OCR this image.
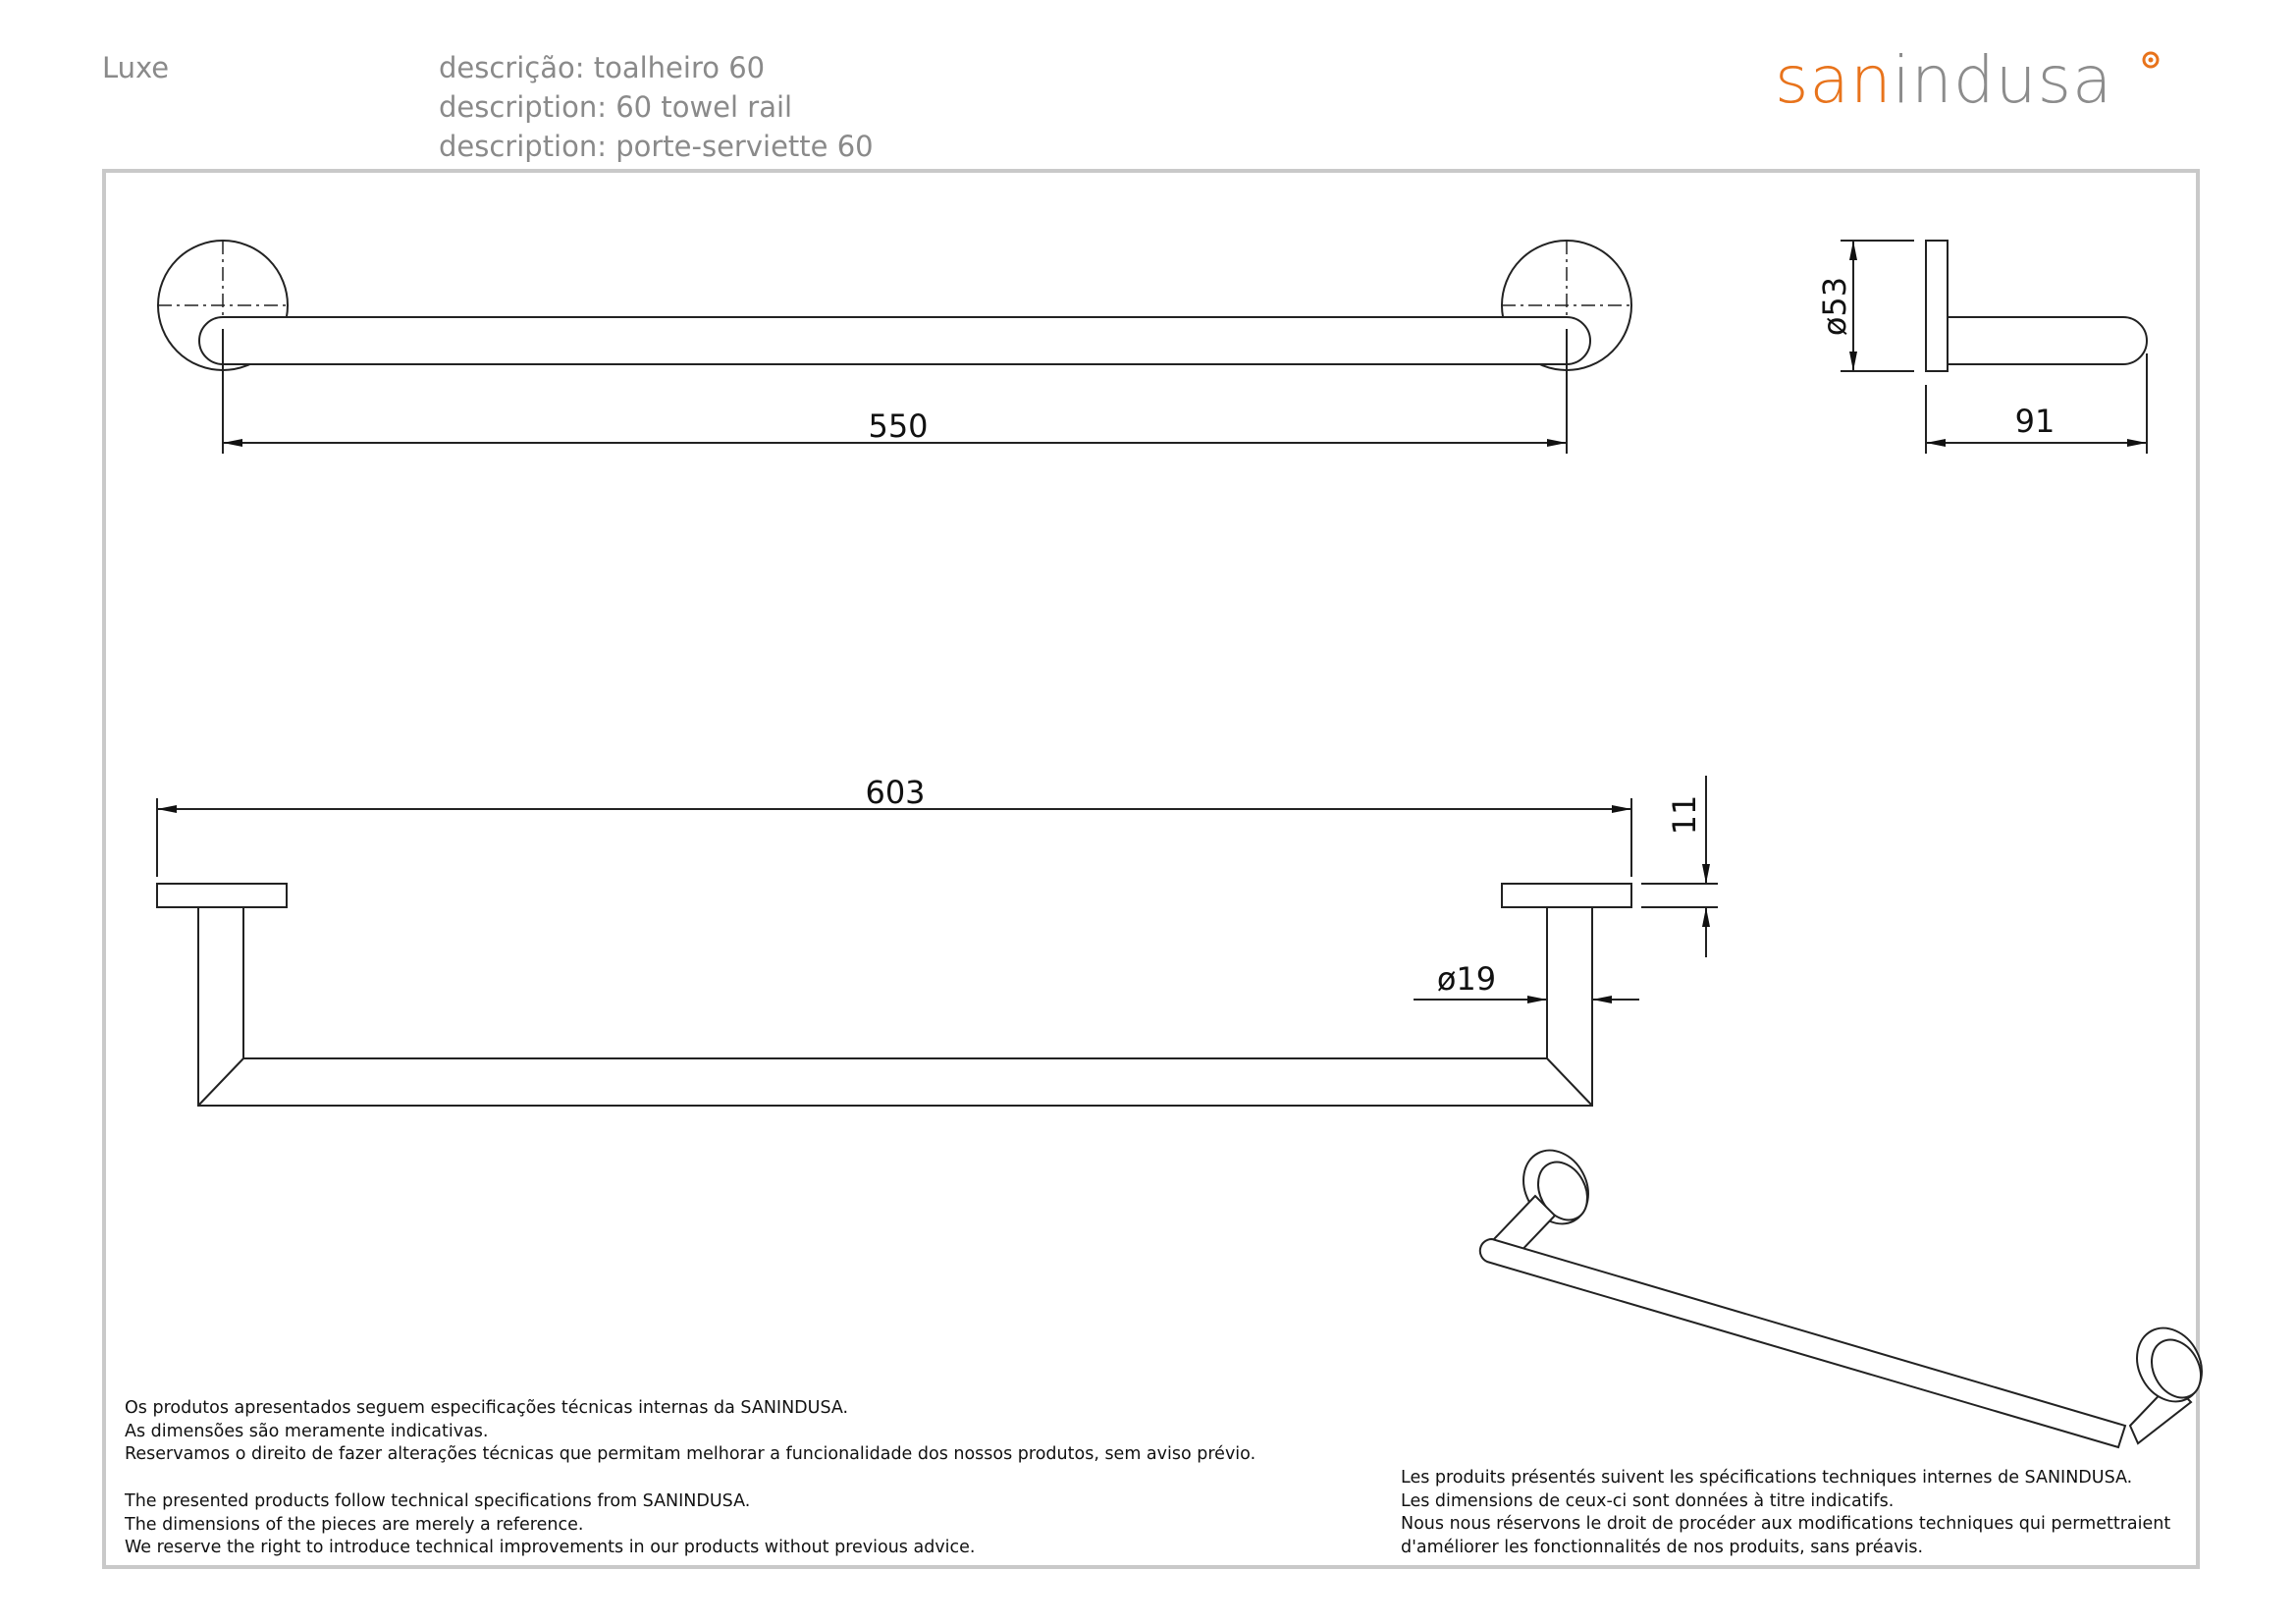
Luxe	descrição: toalheiro 60
description: 60 towel rail
description: porte-serviette 60
sanindusa
550
ø53
91
603
11
ø19
Os produtos apresentados seguem especificações técnicas internas da SANINDUSA.
As dimensões são meramente indicativas.
Reservamos o direito de fazer alterações técnicas que permitam melhorar a funcionalidade dos nossos produtos, sem aviso prévio.
The presented products follow technical specifications from SANINDUSA.
The dimensions of the pieces are merely a reference.
We reserve the right to introduce technical improvements in our products without previous advice.
Les produits présentés suivent les spécifications techniques internes de SANINDUSA.
Les dimensions de ceux-ci sont données à titre indicatifs.
Nous nous réservons le droit de procéder aux modifications techniques qui permettraient
d'améliorer les fonctionnalités de nos produits, sans préavis.
